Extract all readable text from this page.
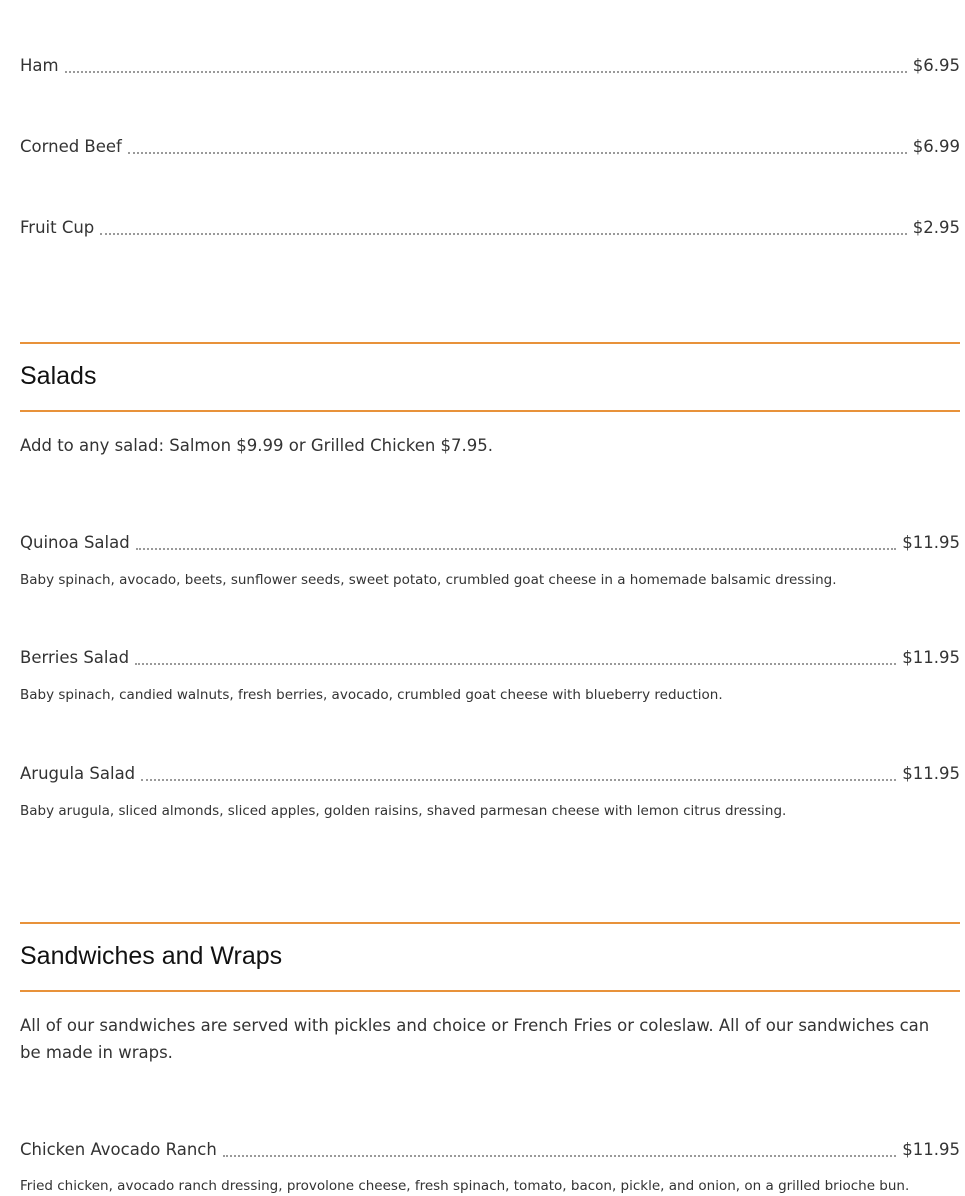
Ham	$6.95
Corned Beef	$6.99
Fruit Cup	$2.95
Salads
Add to any salad: Salmon $9.99 or Grilled Chicken $7.95.
Quinoa Salad	$11.95
Baby spinach, avocado, beets, sunflower seeds, sweet potato, crumbled goat cheese in a homemade balsamic dressing.
Berries Salad	$11.95
Baby spinach, candied walnuts, fresh berries, avocado, crumbled goat cheese with blueberry reduction.
Arugula Salad	$11.95
Baby arugula, sliced almonds, sliced apples, golden raisins, shaved parmesan cheese with lemon citrus dressing.
Sandwiches and Wraps
All of our sandwiches are served with pickles and choice or French Fries or coleslaw. All of our sandwiches can be made in wraps.
Chicken Avocado Ranch	$11.95
Fried chicken, avocado ranch dressing, provolone cheese, fresh spinach, tomato, bacon, pickle, and onion, on a grilled brioche bun.
